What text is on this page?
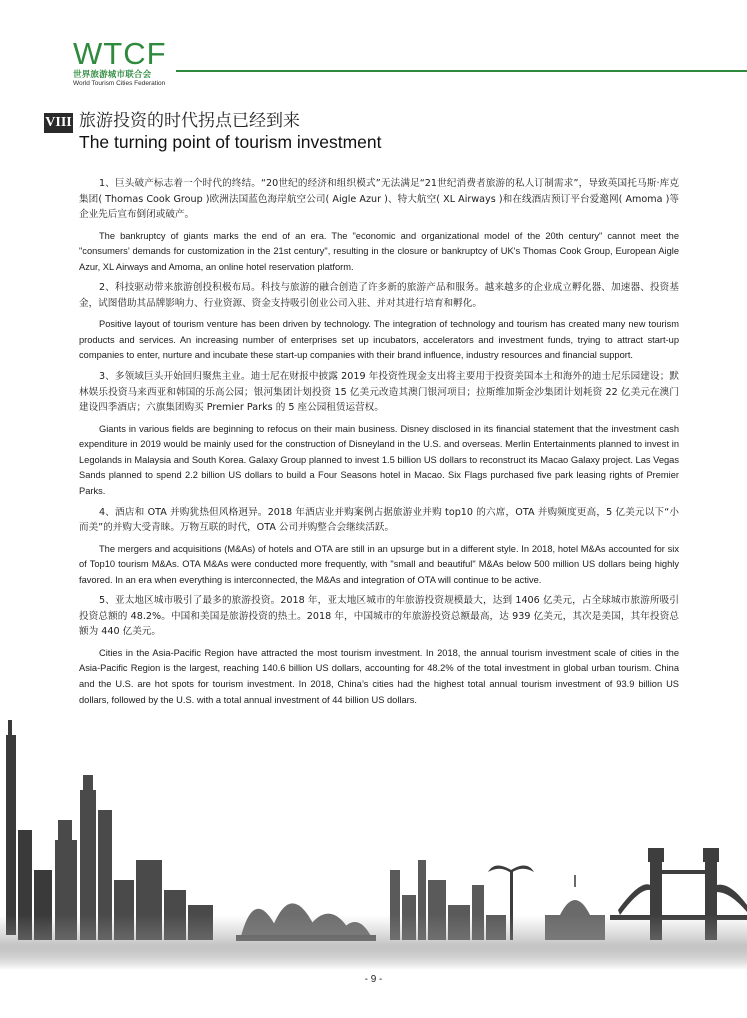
WTCF
世界旅游城市联合会
World Tourism Cities Federation
VIII 旅游投资的时代拐点已经到来
The turning point of tourism investment

1、巨头破产标志着一个时代的终结。“20世纪的经济和组织模式”无法满足“21世纪消费者旅游的私人订制需求”，导致英国托马斯·库克集团( Thomas Cook Group )欧洲法国蓝色海岸航空公司( Aigle Azur )、特大航空( XL Airways )和在线酒店预订平台爱邀网( Amoma )等企业先后宣布倒闭或破产。

The bankruptcy of giants marks the end of an era. The "economic and organizational model of the 20th century" cannot meet the "consumers’ demands for customization in the 21st century", resulting in the closure or bankruptcy of UK's Thomas Cook Group, European Aigle Azur, XL Airways and Amoma, an online hotel reservation platform.

2、科技驱动带来旅游创投积极布局。科技与旅游的融合创造了许多新的旅游产品和服务。越来越多的企业成立孵化器、加速器、投资基金，试图借助其品牌影响力、行业资源、资金支持吸引创业公司入驻、并对其进行培育和孵化。

Positive layout of tourism venture has been driven by technology. The integration of technology and tourism has created many new tourism products and services. An increasing number of enterprises set up incubators, accelerators and investment funds, trying to attract start-up companies to enter, nurture and incubate these start-up companies with their brand influence, industry resources and financial support.

3、多领域巨头开始回归聚焦主业。迪士尼在财报中披露 2019 年投资性现金支出将主要用于投资美国本土和海外的迪士尼乐园建设；默林娱乐投资马来西亚和韩国的乐高公园；银河集团计划投资 15 亿美元改造其澳门银河项目；拉斯维加斯金沙集团计划耗资 22 亿美元在澳门建设四季酒店；六旗集团购买 Premier Parks 的 5 座公园租赁运营权。

Giants in various fields are beginning to refocus on their main business. Disney disclosed in its financial statement that the investment cash expenditure in 2019 would be mainly used for the construction of Disneyland in the U.S. and overseas. Merlin Entertainments planned to invest in Legolands in Malaysia and South Korea. Galaxy Group planned to invest 1.5 billion US dollars to reconstruct its Macao Galaxy project. Las Vegas Sands planned to spend 2.2 billion US dollars to build a Four Seasons hotel in Macao. Six Flags purchased five park leasing rights of Premier Parks.

4、酒店和 OTA 并购犹热但风格迥异。2018 年酒店业并购案例占据旅游业并购 top10 的六席，OTA 并购频度更高，5 亿美元以下“小而美”的并购大受青睐。万物互联的时代，OTA 公司并购整合会继续活跃。

The mergers and acquisitions (M&As) of hotels and OTA are still in an upsurge but in a different style. In 2018, hotel M&As accounted for six of Top10 tourism M&As. OTA M&As were conducted more frequently, with "small and beautiful" M&As below 500 million US dollars being highly favored. In an era when everything is interconnected, the M&As and integration of OTA will continue to be active.

5、亚太地区城市吸引了最多的旅游投资。2018 年，亚太地区城市的年旅游投资规模最大，达到 1406 亿美元，占全球城市旅游所吸引投资总额的 48.2%。中国和美国是旅游投资的热土。2018 年，中国城市的年旅游投资总额最高，达 939 亿美元，其次是美国，其年投资总额为 440 亿美元。

Cities in the Asia-Pacific Region have attracted the most tourism investment. In 2018, the annual tourism investment scale of cities in the Asia-Pacific Region is the largest, reaching 140.6 billion US dollars, accounting for 48.2% of the total investment in global urban tourism. China and the U.S. are hot spots for tourism investment. In 2018, China’s cities had the highest total annual tourism investment of 93.9 billion US dollars, followed by the U.S. with a total annual investment of 44 billion US dollars.

- 9 -
